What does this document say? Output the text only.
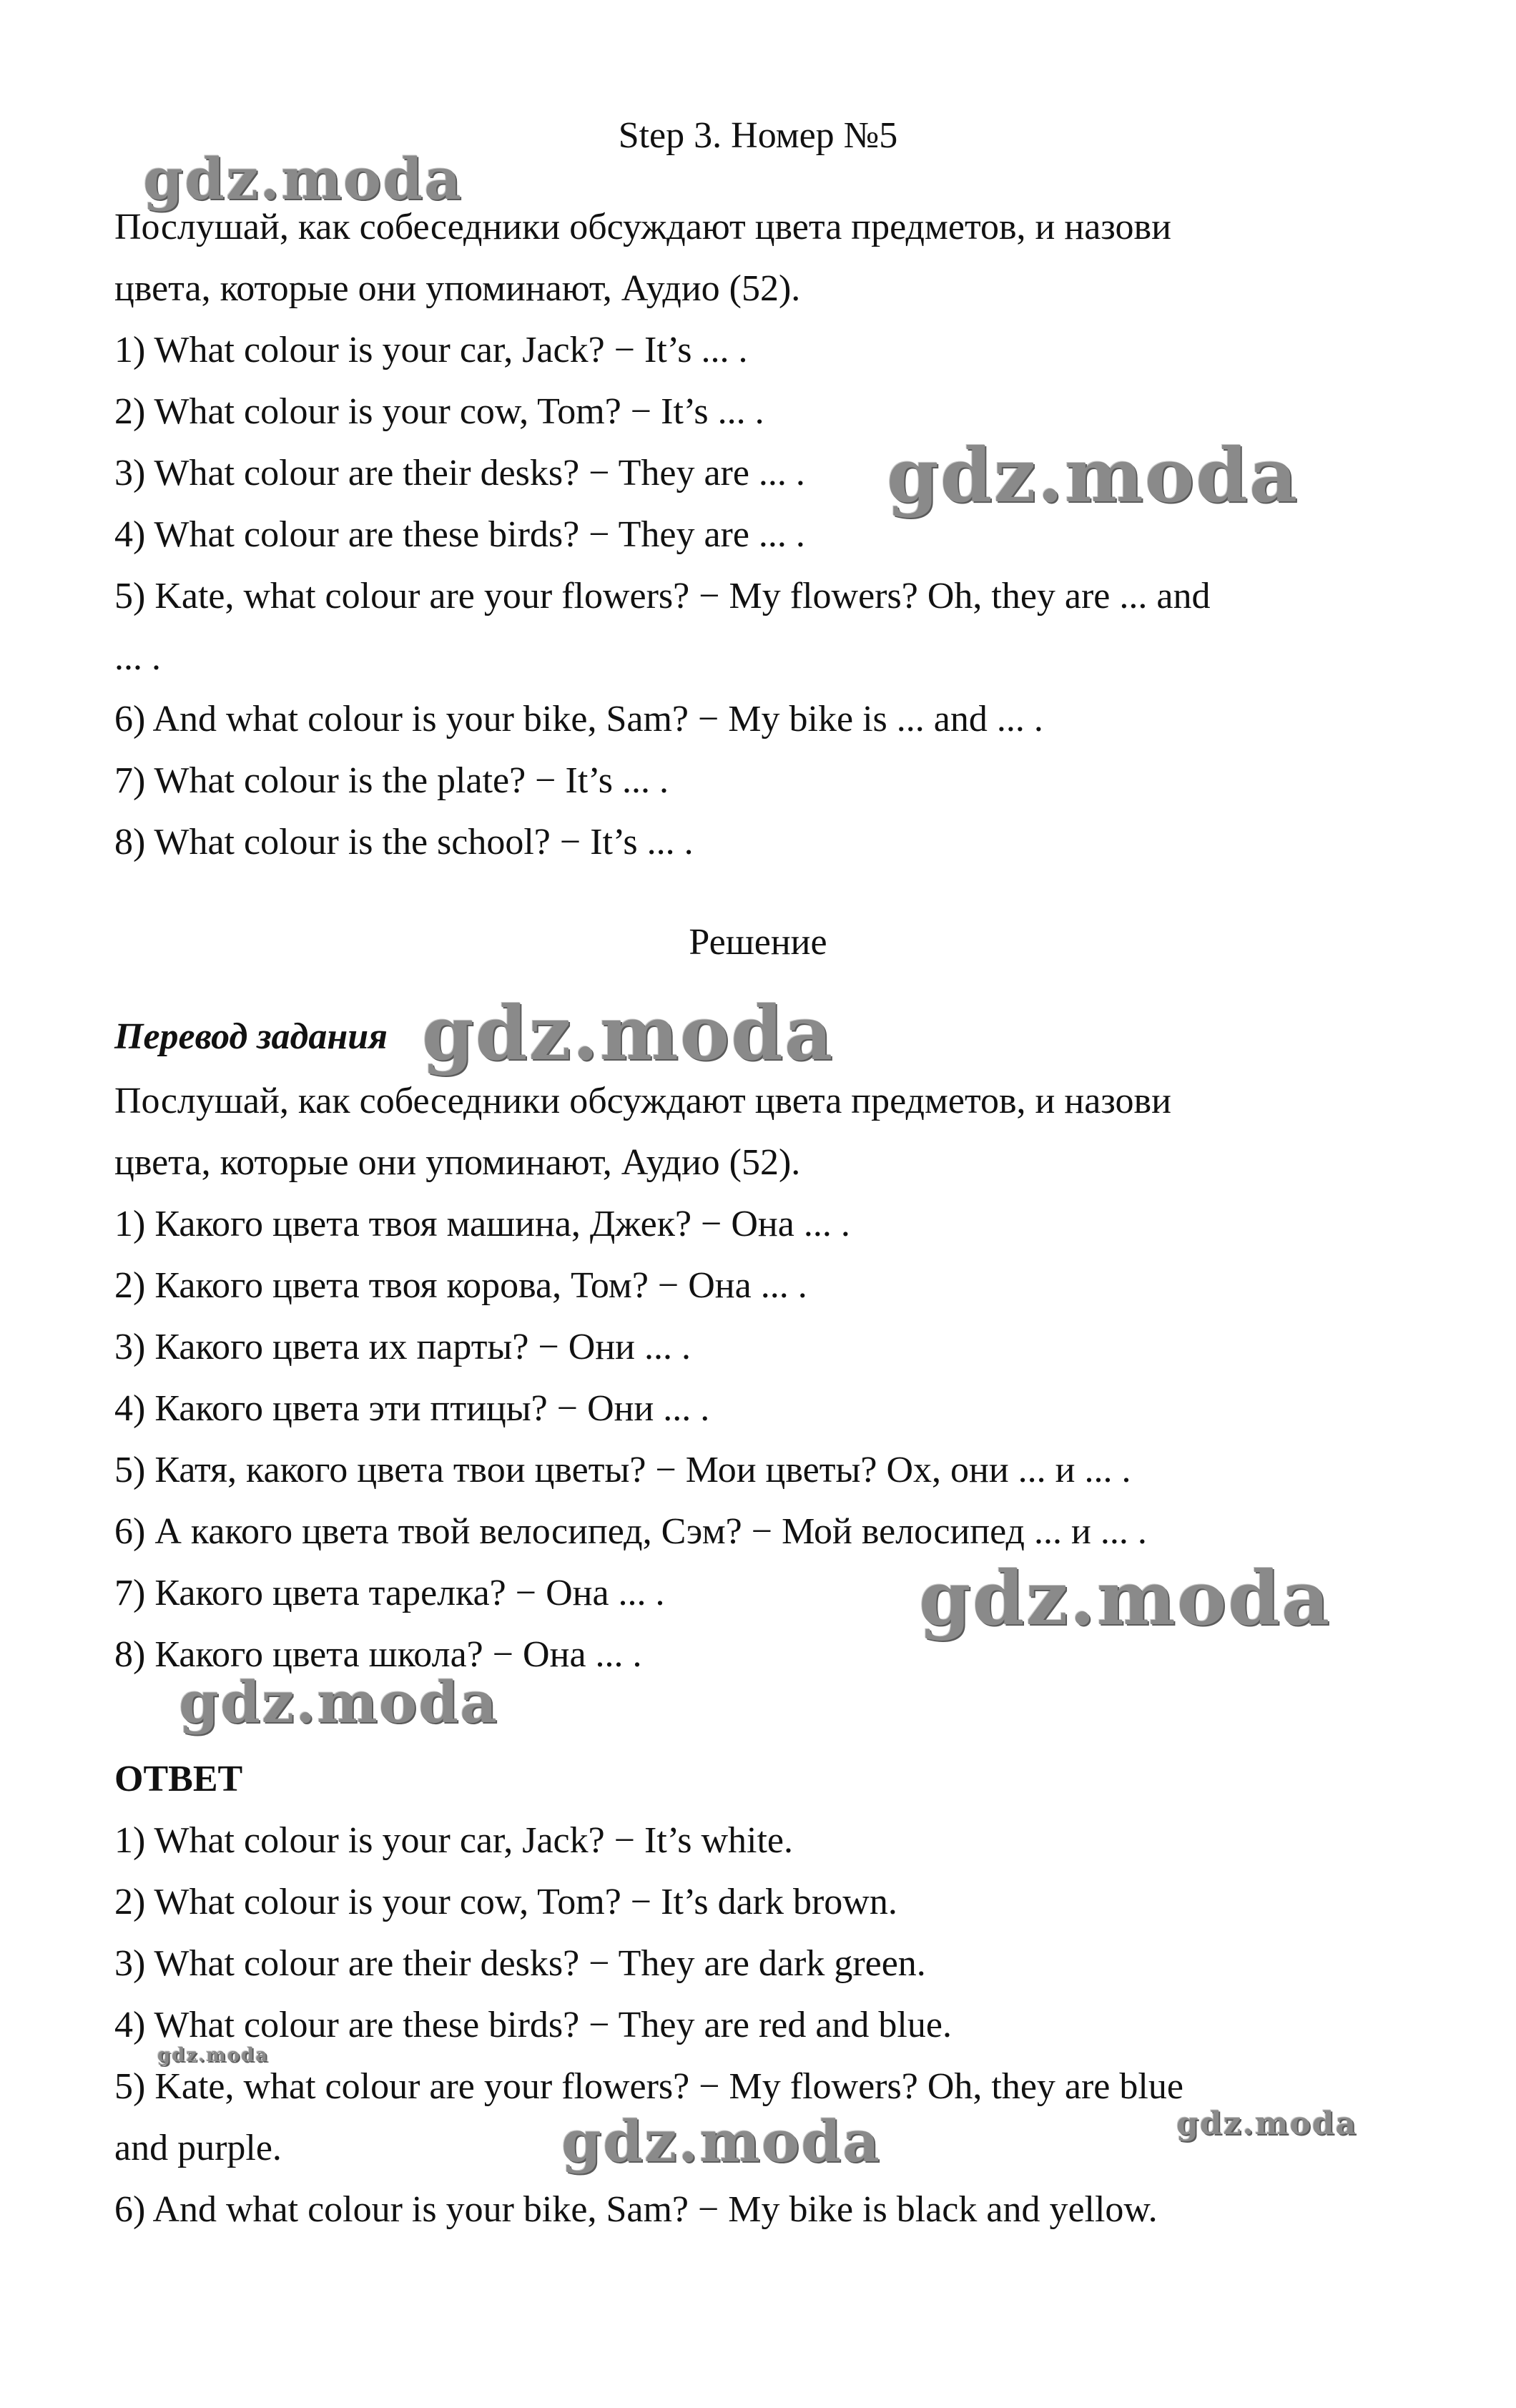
Step 3. Номер №5
Послушай, как собеседники обсуждают цвета предметов, и назови
цвета, которые они упоминают, Аудио (52).
1) What colour is your car, Jack? − It’s ... .
2) What colour is your cow, Tom? − It’s ... .
3) What colour are their desks? − They are ... .
4) What colour are these birds? − They are ... .
5) Kate, what colour are your flowers? − My flowers? Oh, they are ... and
... .
6) And what colour is your bike, Sam? − My bike is ... and ... .
7) What colour is the plate? − It’s ... .
8) What colour is the school? − It’s ... .
Решение
Перевод задания
Послушай, как собеседники обсуждают цвета предметов, и назови
цвета, которые они упоминают, Аудио (52).
1) Какого цвета твоя машина, Джек? − Она ... .
2) Какого цвета твоя корова, Том? − Она ... .
3) Какого цвета их парты? − Они ... .
4) Какого цвета эти птицы? − Они ... .
5) Катя, какого цвета твои цветы? − Мои цветы? Ох, они ... и ... .
6) А какого цвета твой велосипед, Сэм? − Мой велосипед ... и ... .
7) Какого цвета тарелка? − Она ... .
8) Какого цвета школа? − Она ... .
ОТВЕТ
1) What colour is your car, Jack? − It’s white.
2) What colour is your cow, Tom? − It’s dark brown.
3) What colour are their desks? − They are dark green.
4) What colour are these birds? − They are red and blue.
5) Kate, what colour are your flowers? − My flowers? Oh, they are blue
and purple.
6) And what colour is your bike, Sam? − My bike is black and yellow.
gdz.moda
gdz.moda
gdz.moda
gdz.moda
gdz.moda
gdz.moda
gdz.moda	gdz.moda
